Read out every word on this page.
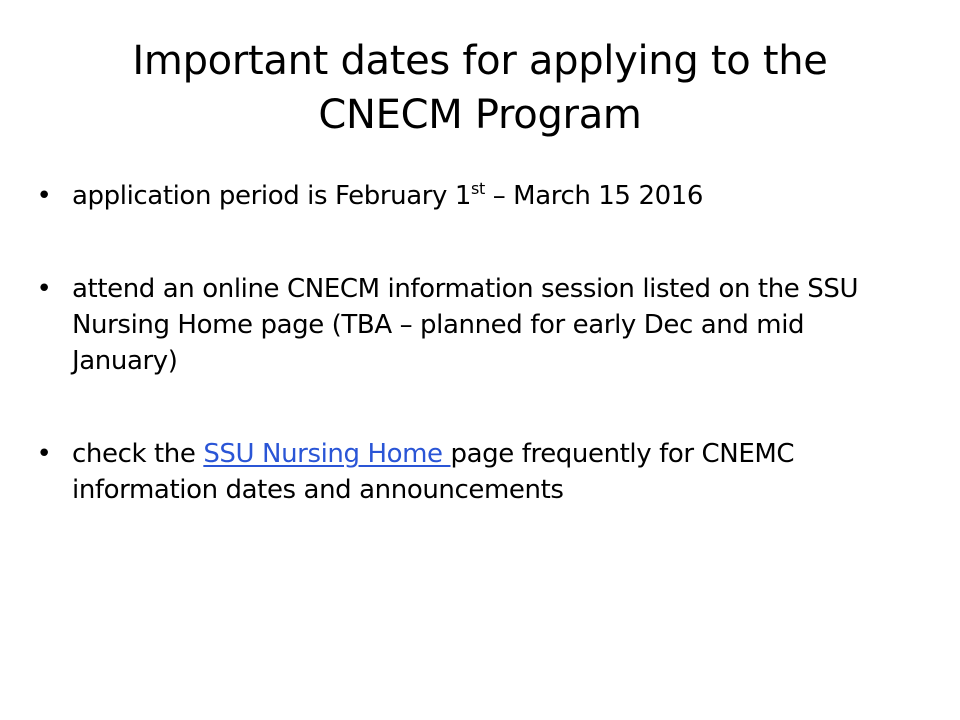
Important dates for applying to the
CNECM Program
•
application period is February 1st – March 15 2016
•
attend an online CNECM information session listed on the SSU Nursing Home page (TBA – planned for early Dec and mid January)
•
check the SSU Nursing Home page frequently for CNEMC information dates and announcements
